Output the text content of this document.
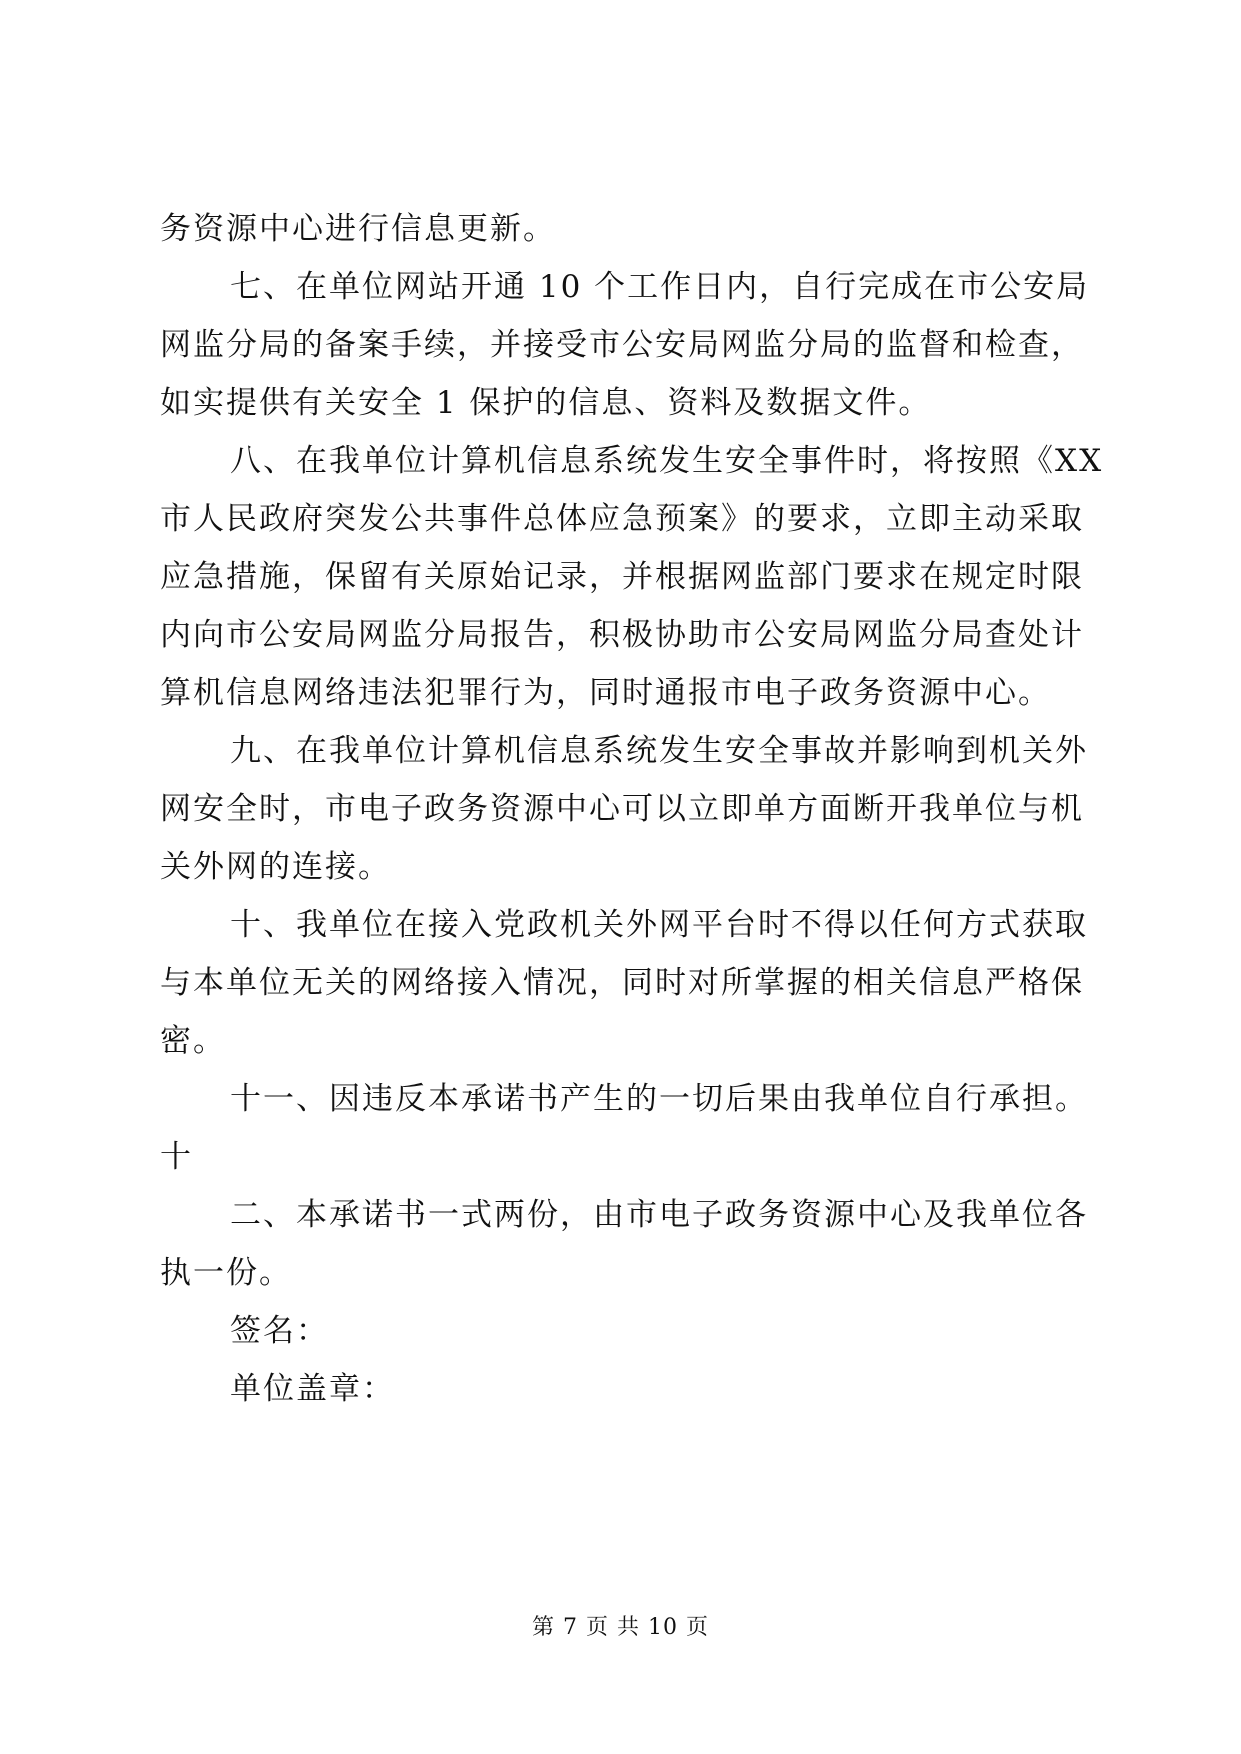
务资源中心进行信息更新。
七、在单位网站开通 10 个工作日内，自行完成在市公安局
网监分局的备案手续，并接受市公安局网监分局的监督和检查，
如实提供有关安全 1 保护的信息、资料及数据文件。
八、在我单位计算机信息系统发生安全事件时，将按照《XX
市人民政府突发公共事件总体应急预案》的要求，立即主动采取
应急措施，保留有关原始记录，并根据网监部门要求在规定时限
内向市公安局网监分局报告，积极协助市公安局网监分局查处计
算机信息网络违法犯罪行为，同时通报市电子政务资源中心。
九、在我单位计算机信息系统发生安全事故并影响到机关外
网安全时，市电子政务资源中心可以立即单方面断开我单位与机
关外网的连接。
十、我单位在接入党政机关外网平台时不得以任何方式获取
与本单位无关的网络接入情况，同时对所掌握的相关信息严格保
密。
十一、因违反本承诺书产生的一切后果由我单位自行承担。
十
二、本承诺书一式两份，由市电子政务资源中心及我单位各
执一份。
签名：
单位盖章：
第 7 页 共 10 页
